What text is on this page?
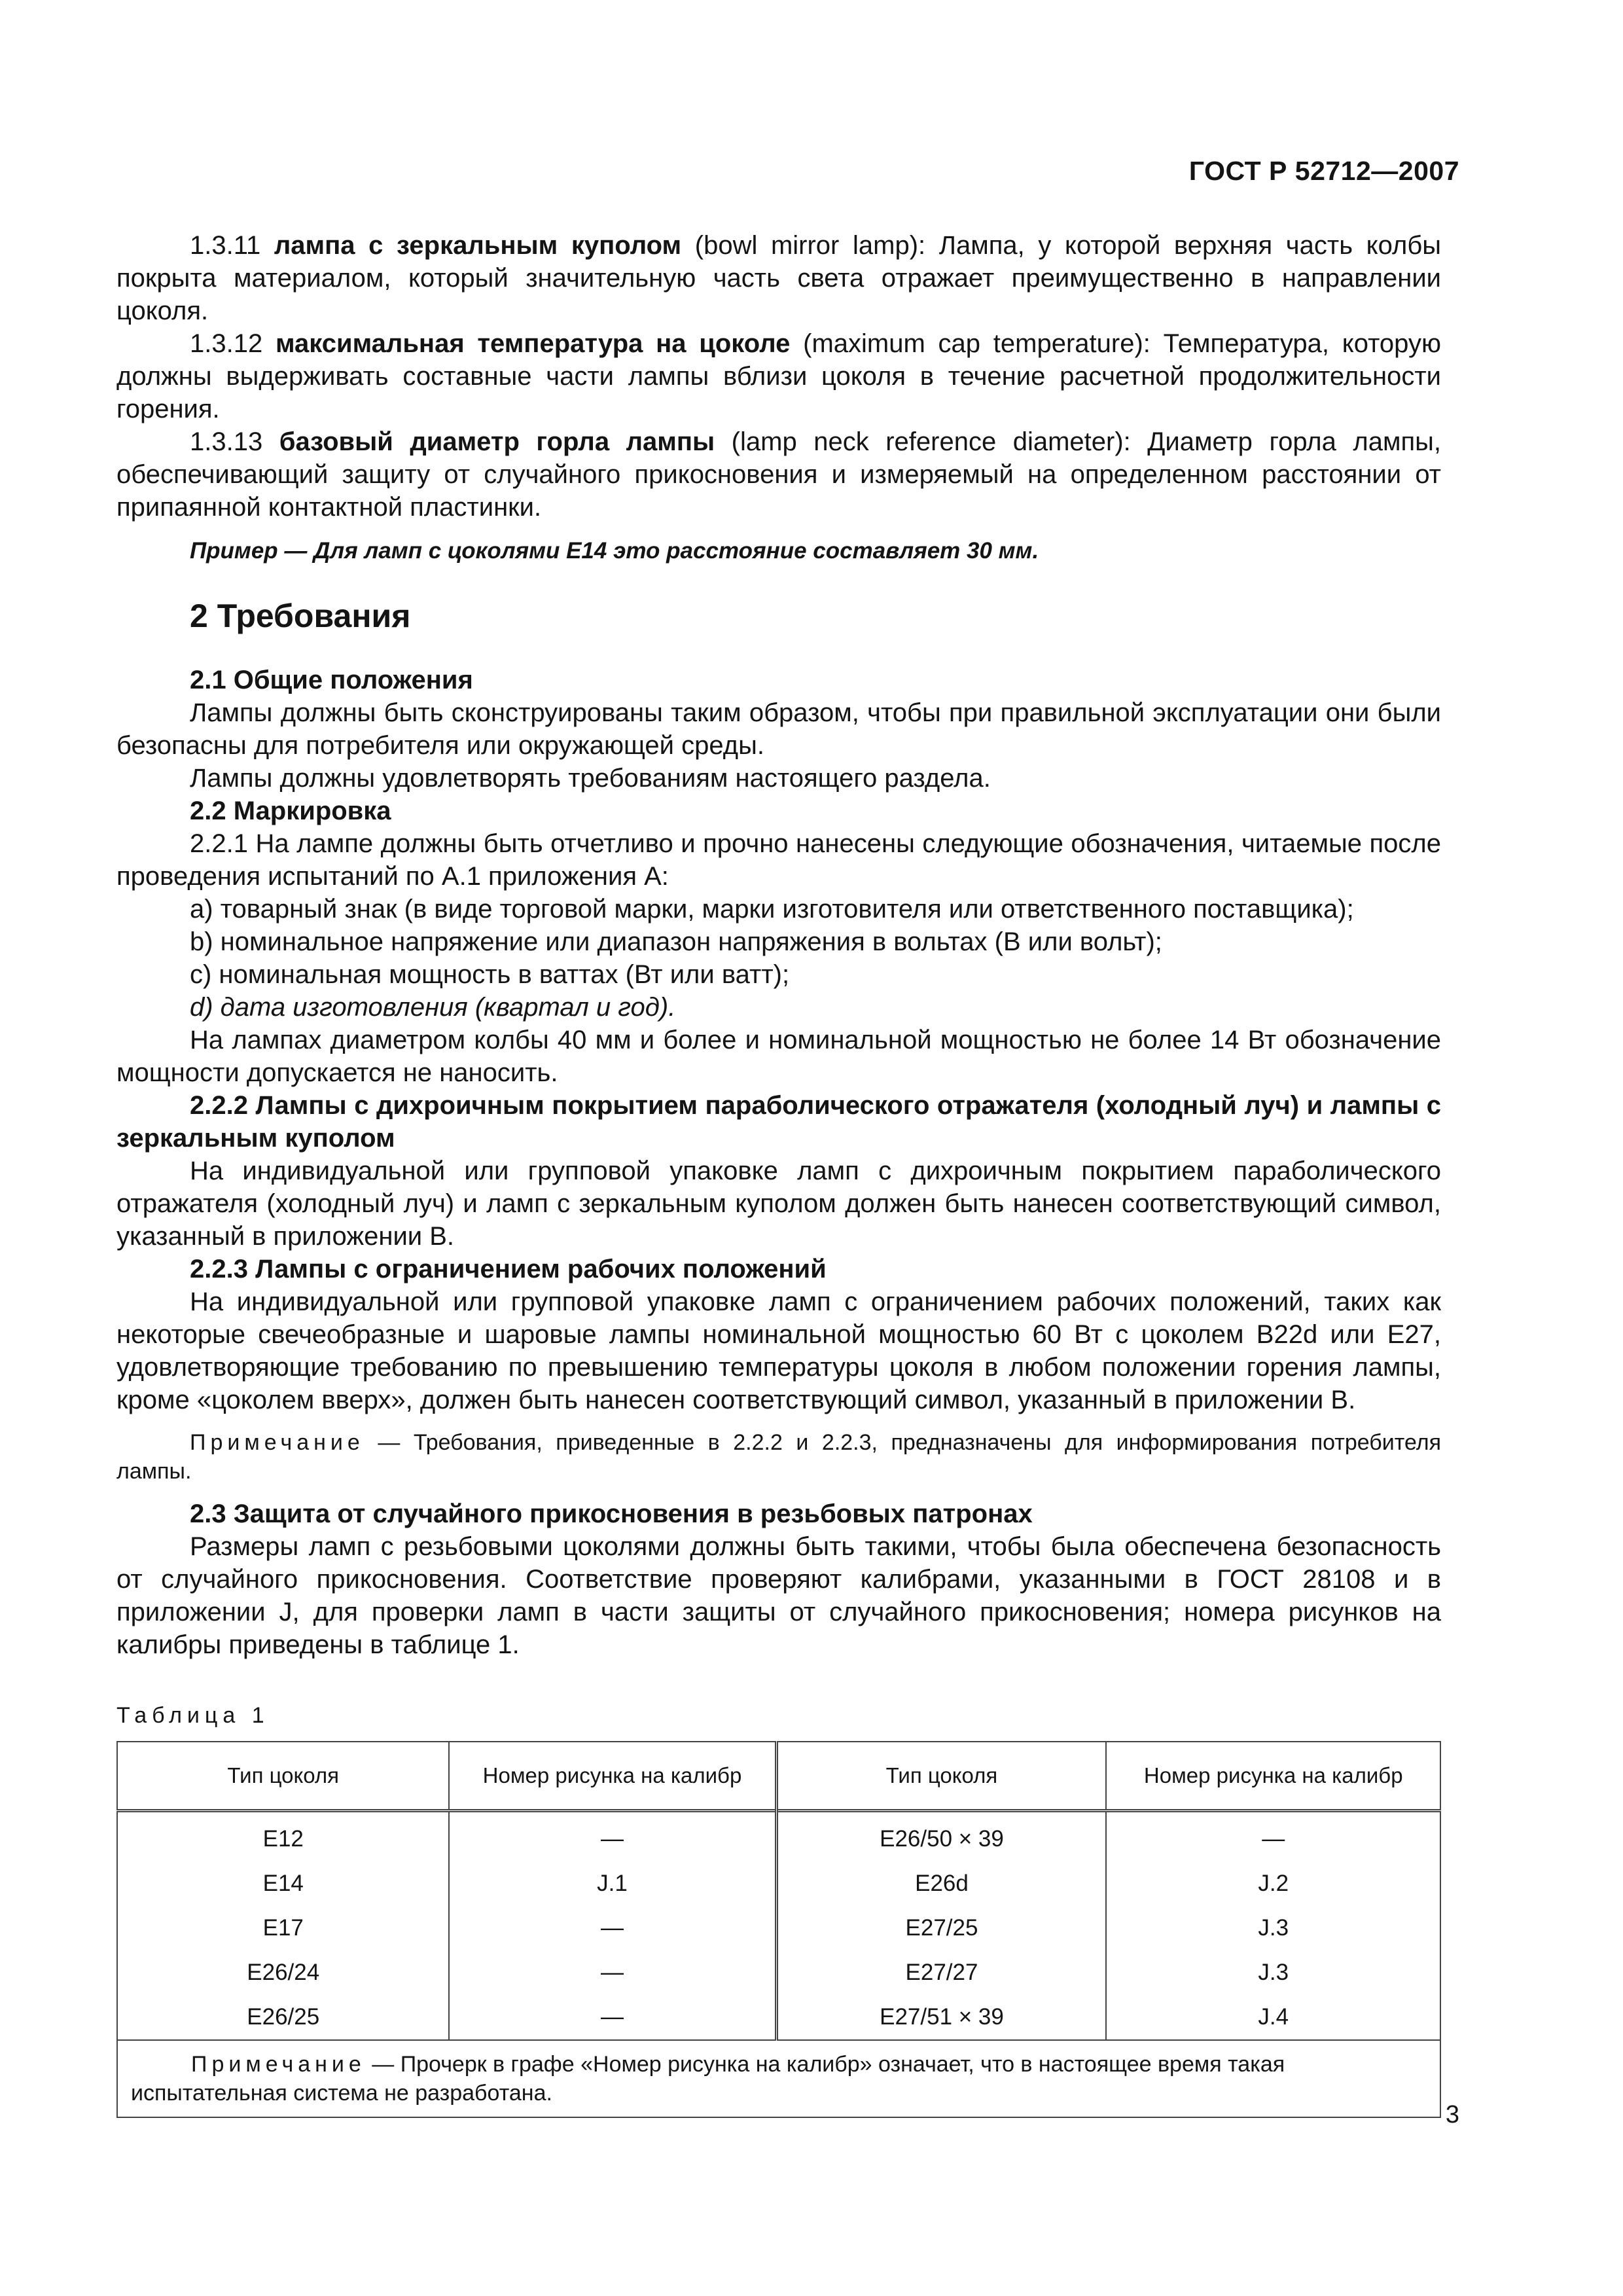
ГОСТ Р 52712—2007

1.3.11 лампа с зеркальным куполом (bowl mirror lamp): Лампа, у которой верхняя часть колбы покрыта материалом, который значительную часть света отражает преимущественно в направлении цоколя.

1.3.12 максимальная температура на цоколе (maximum cap temperature): Температура, которую должны выдерживать составные части лампы вблизи цоколя в течение расчетной продолжительности горения.

1.3.13 базовый диаметр горла лампы (lamp neck reference diameter): Диаметр горла лампы, обеспечивающий защиту от случайного прикосновения и измеряемый на определенном расстоянии от припаянной контактной пластинки.

Пример — Для ламп с цоколями Е14 это расстояние составляет 30 мм.

2 Требования

2.1 Общие положения

Лампы должны быть сконструированы таким образом, чтобы при правильной эксплуатации они были безопасны для потребителя или окружающей среды.

Лампы должны удовлетворять требованиям настоящего раздела.

2.2 Маркировка

2.2.1 На лампе должны быть отчетливо и прочно нанесены следующие обозначения, читаемые после проведения испытаний по А.1 приложения А:

a) товарный знак (в виде торговой марки, марки изготовителя или ответственного поставщика);

b) номинальное напряжение или диапазон напряжения в вольтах (В или вольт);

c) номинальная мощность в ваттах (Вт или ватт);

d) дата изготовления (квартал и год).

На лампах диаметром колбы 40 мм и более и номинальной мощностью не более 14 Вт обозначение мощности допускается не наносить.

2.2.2 Лампы с дихроичным покрытием параболического отражателя (холодный луч) и лампы с зеркальным куполом

На индивидуальной или групповой упаковке ламп с дихроичным покрытием параболического отражателя (холодный луч) и ламп с зеркальным куполом должен быть нанесен соответствующий символ, указанный в приложении В.

2.2.3 Лампы с ограничением рабочих положений

На индивидуальной или групповой упаковке ламп с ограничением рабочих положений, таких как некоторые свечеобразные и шаровые лампы номинальной мощностью 60 Вт с цоколем В22d или Е27, удовлетворяющие требованию по превышению температуры цоколя в любом положении горения лампы, кроме «цоколем вверх», должен быть нанесен соответствующий символ, указанный в приложении В.

Примечание — Требования, приведенные в 2.2.2 и 2.2.3, предназначены для информирования потребителя лампы.

2.3 Защита от случайного прикосновения в резьбовых патронах

Размеры ламп с резьбовыми цоколями должны быть такими, чтобы была обеспечена безопасность от случайного прикосновения. Соответствие проверяют калибрами, указанными в ГОСТ 28108 и в приложении J, для проверки ламп в части защиты от случайного прикосновения; номера рисунков на калибры приведены в таблице 1.

Таблица 1
Тип цоколя	Номер рисунка на калибр	Тип цоколя	Номер рисунка на калибр
Е12	—	Е26/50 × 39	—
Е14	J.1	Е26d	J.2
Е17	—	Е27/25	J.3
Е26/24	—	Е27/27	J.3
Е26/25	—	Е27/51 × 39	J.4
Примечание — Прочерк в графе «Номер рисунка на калибр» означает, что в настоящее время такая испытательная система не разработана.			
3
